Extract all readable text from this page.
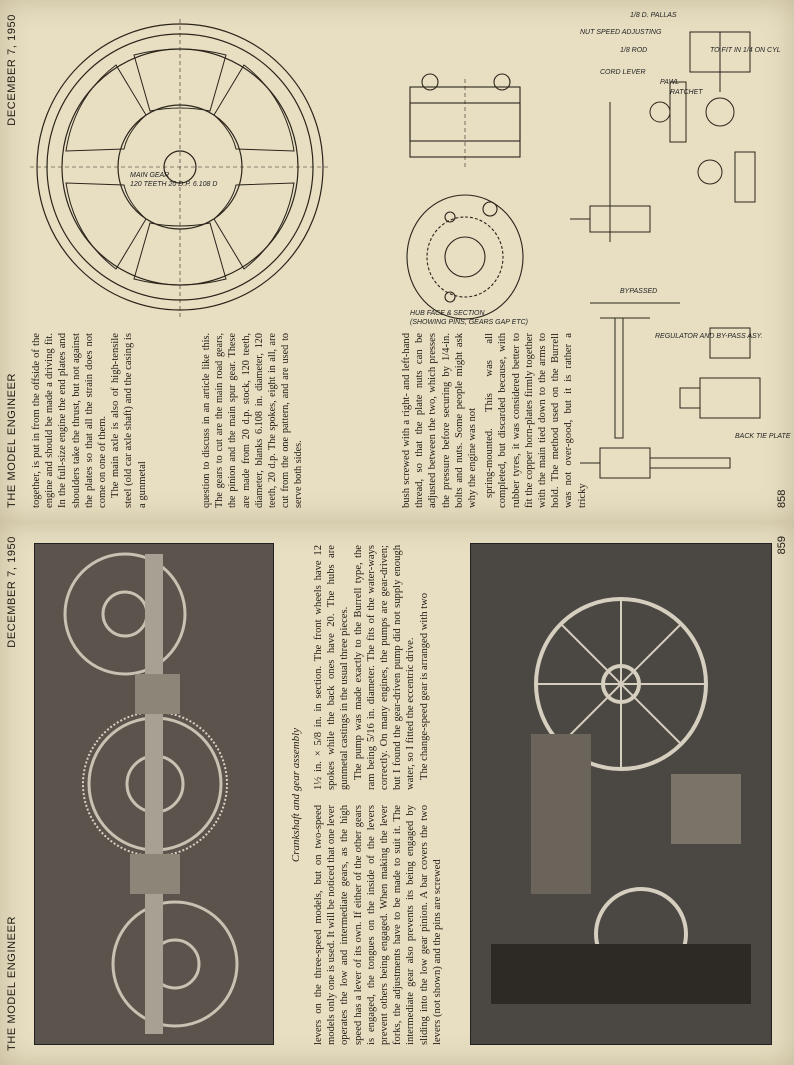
THE MODEL ENGINEER
DECEMBER 7, 1950

together, is put in from the offside of the engine and should be made a driving fit. In the full-size engine the end plates and shoulders take the thrust, but not against the plates so that all the strain does not come on one of them. The main axle is also of high-tensile steel (old car axle shaft) and the casing is a gunmetal

MAIN GEAR
120 TEETH 20 D.P. 6.108 D
HUB FACE & SECTION
(SHOWING PINS, GEARS GAP ETC)

bush screwed with a right- and left-hand thread, so that the plate nuts can be adjusted between the two, which presses the pressure before securing by 1/4-in. bolts and nuts. Some people might ask why the engine was not spring-mounted. This was all completed, but discarded because, with rubber tyres, it was considered better to fit the copper horn-plates firmly together with the main tied down to the arms to hold. The method used on the Burrell was not over-good, but it is rather a tricky

question to discuss in an article like this. The gears to cut are the main road gears, the pinion and the main spur gear. These are made from 20 d.p. stock, 120 teeth, diameter, blanks 6.108 in. diameter, 120 teeth, 20 d.p. The spokes, eight in all, are cut from the one pattern, and are used to serve both sides.

BYPASSED
REGULATOR AND BY-PASS ASY.
BACK TIE PLATE
NUT SPEED ADJUSTING
1/8 ROD
1/8 D. PALLAS
CORD LEVER
PAWL
RATCHET
TO FIT IN 1/4 ON CYL
858
THE MODEL ENGINEER
DECEMBER 7, 1950
Crankshaft and gear assembly

levers on the three-speed models, but on two-speed models only one is used. It will be noticed that one lever operates the low and intermediate gears, as the high speed has a lever of its own. If either of the other gears is engaged, the tongues on the inside of the levers prevent others being engaged. When making the lever forks, the adjustments have to be made to suit it. The intermediate gear also prevents its being engaged by sliding into the low gear pinion. A bar covers the two levers (not shown) and the pins are screwed

1½ in. × 5/8 in. in section. The front wheels have 12 spokes while the back ones have 20. The hubs are gunmetal castings in the usual three pieces. The pump was made exactly to the Burrell type, the ram being 5/16 in. diameter. The fits of the water-ways correctly. On many engines, the pumps are gear-driven; but I found the gear-driven pump did not supply enough water, so I fitted the eccentric drive. The change-speed gear is arranged with two

859
